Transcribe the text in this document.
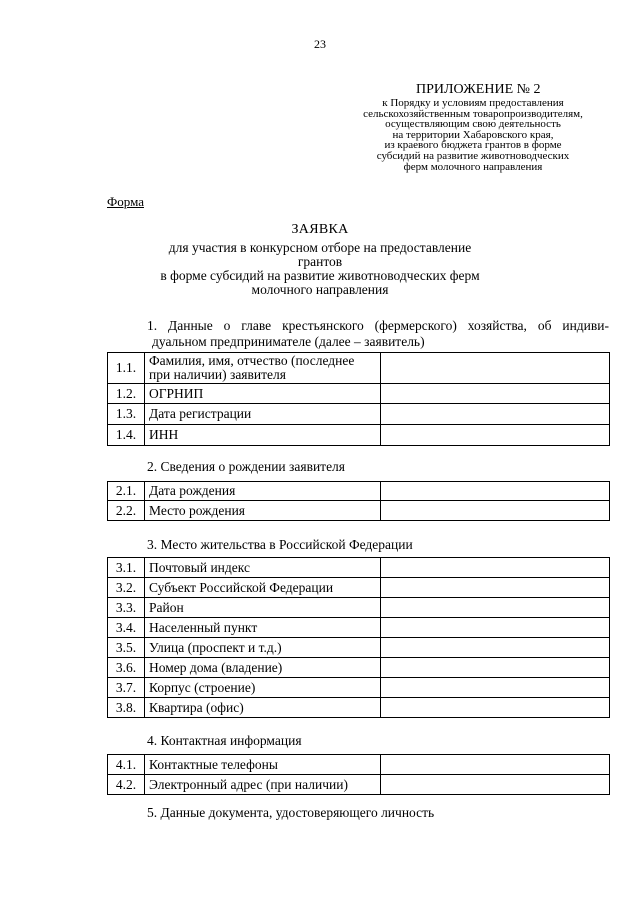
23
ПРИЛОЖЕНИЕ № 2
к Порядку и условиям предоставления
сельскохозяйственным товаропроизводителям,
осуществляющим свою деятельность
на территории Хабаровского края,
из краевого бюджета грантов в форме
субсидий на развитие животноводческих
ферм молочного направления
Форма
ЗАЯВКА
для участия в конкурсном отборе на предоставление грантов
в форме субсидий на развитие животноводческих ферм
молочного направления
1. Данные о главе крестьянского (фермерского) хозяйства, об индиви-
дуальном предпринимателе (далее – заявитель)
1.1.	Фамилия, имя, отчество (последнее
при наличии) заявителя	

1.2.	ОГРНИП	
1.3.	Дата регистрации	
1.4.	ИНН	
2. Сведения о рождении заявителя
2.1.	Дата рождения	
2.2.	Место рождения	
3. Место жительства в Российской Федерации
3.1.	Почтовый индекс	
3.2.	Субъект Российской Федерации	
3.3.	Район	
3.4.	Населенный пункт	
3.5.	Улица (проспект и т.д.)	
3.6.	Номер дома (владение)	
3.7.	Корпус (строение)	
3.8.	Квартира (офис)	
4. Контактная информация
4.1.	Контактные телефоны	
4.2.	Электронный адрес (при наличии)	
5. Данные документа, удостоверяющего личность
